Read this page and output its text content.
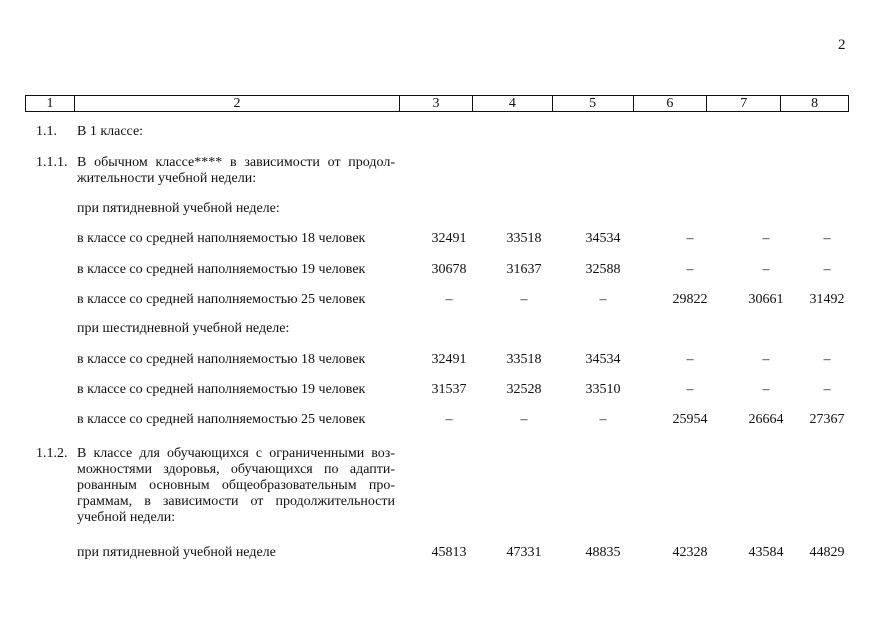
2
1	2	3	4	5	6	7	8
1.1. В 1 классе:
1.1.1. В обычном классе**** в зависимости от продол-жительности учебной недели:
при пятидневной учебной неделе:
в классе со средней наполняемостью 18 человек	32491	33518	34534	–	–	–
в классе со средней наполняемостью 19 человек	30678	31637	32588	–	–	–
в классе со средней наполняемостью 25 человек	–	–	–	29822	30661 31492
при шестидневной учебной неделе:
в классе со средней наполняемостью 18 человек	32491	33518	34534	–	–	–
в классе со средней наполняемостью 19 человек	31537	32528	33510	–	–	–
в классе со средней наполняемостью 25 человек	–	–	–	25954	26664 27367
1.1.2. В классе для обучающихся с ограниченными воз-можностями здоровья, обучающихся по адапти-рованным основным общеобразовательным про-граммам, в зависимости от продолжительности учебной недели:
при пятидневной учебной неделе	45813	47331	48835	42328	43584 44829
